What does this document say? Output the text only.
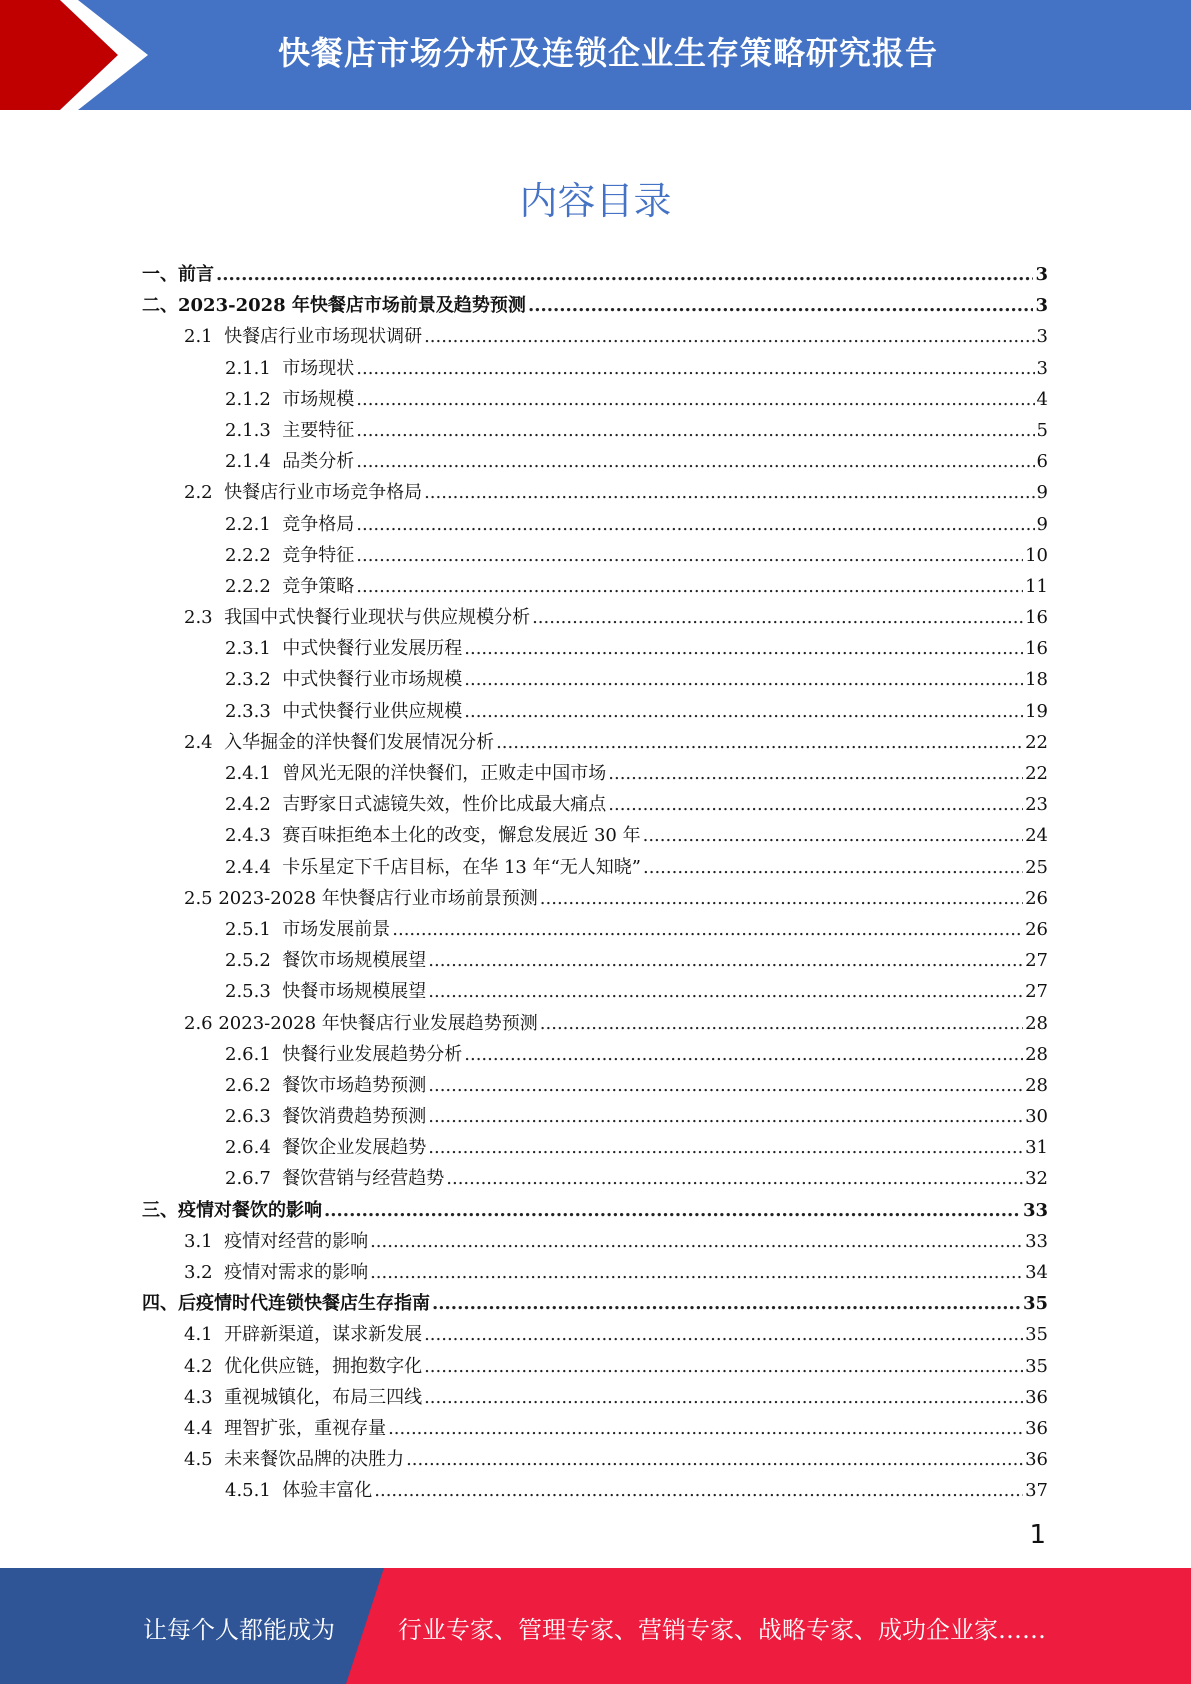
快餐店市场分析及连锁企业生存策略研究报告
内容目录
一、 前言 .....	3
二、 2023-2028 年快餐店市场前景及趋势预测 .....	3
2.1 快餐店行业市场现状调研 .....	3
2.1.1 市场现状 .....	3
2.1.2 市场规模 .....	4
2.1.3 主要特征 .....	5
2.1.4 品类分析 .....	6
2.2 快餐店行业市场竞争格局 .....	9
2.2.1 竞争格局 .....	9
2.2.2 竞争特征 .....	10
2.2.2 竞争策略 .....	11
2.3 我国中式快餐行业现状与供应规模分析 .....	16
2.3.1 中式快餐行业发展历程 .....	16
2.3.2 中式快餐行业市场规模 .....	18
2.3.3 中式快餐行业供应规模 .....	19
2.4 入华掘金的洋快餐们发展情况分析 .....	22
2.4.1 曾风光无限的洋快餐们，正败走中国市场 .....	22
2.4.2 吉野家日式滤镜失效，性价比成最大痛点 .....	23
2.4.3 赛百味拒绝本土化的改变，懈怠发展近 30 年 .....	24
2.4.4 卡乐星定下千店目标，在华 13 年“无人知晓” .....	25
2.5 2023-2028 年快餐店行业市场前景预测 .....	26
2.5.1 市场发展前景 .....	26
2.5.2 餐饮市场规模展望 .....	27
2.5.3 快餐市场规模展望 .....	27
2.6 2023-2028 年快餐店行业发展趋势预测 .....	28
2.6.1 快餐行业发展趋势分析 .....	28
2.6.2 餐饮市场趋势预测 .....	28
2.6.3 餐饮消费趋势预测 .....	30
2.6.4 餐饮企业发展趋势 .....	31
2.6.7 餐饮营销与经营趋势 .....	32
三、 疫情对餐饮的影响 .....	33
3.1 疫情对经营的影响 .....	33
3.2 疫情对需求的影响 .....	34
四、 后疫情时代连锁快餐店生存指南 .....	35
4.1 开辟新渠道，谋求新发展 .....	35
4.2 优化供应链，拥抱数字化 .....	35
4.3 重视城镇化，布局三四线 .....	36
4.4 理智扩张，重视存量 .....	36
4.5 未来餐饮品牌的决胜力 .....	36
4.5.1 体验丰富化 .....	37
1
让每个人都能成为	行业专家、管理专家、营销专家、战略专家、成功企业家……
